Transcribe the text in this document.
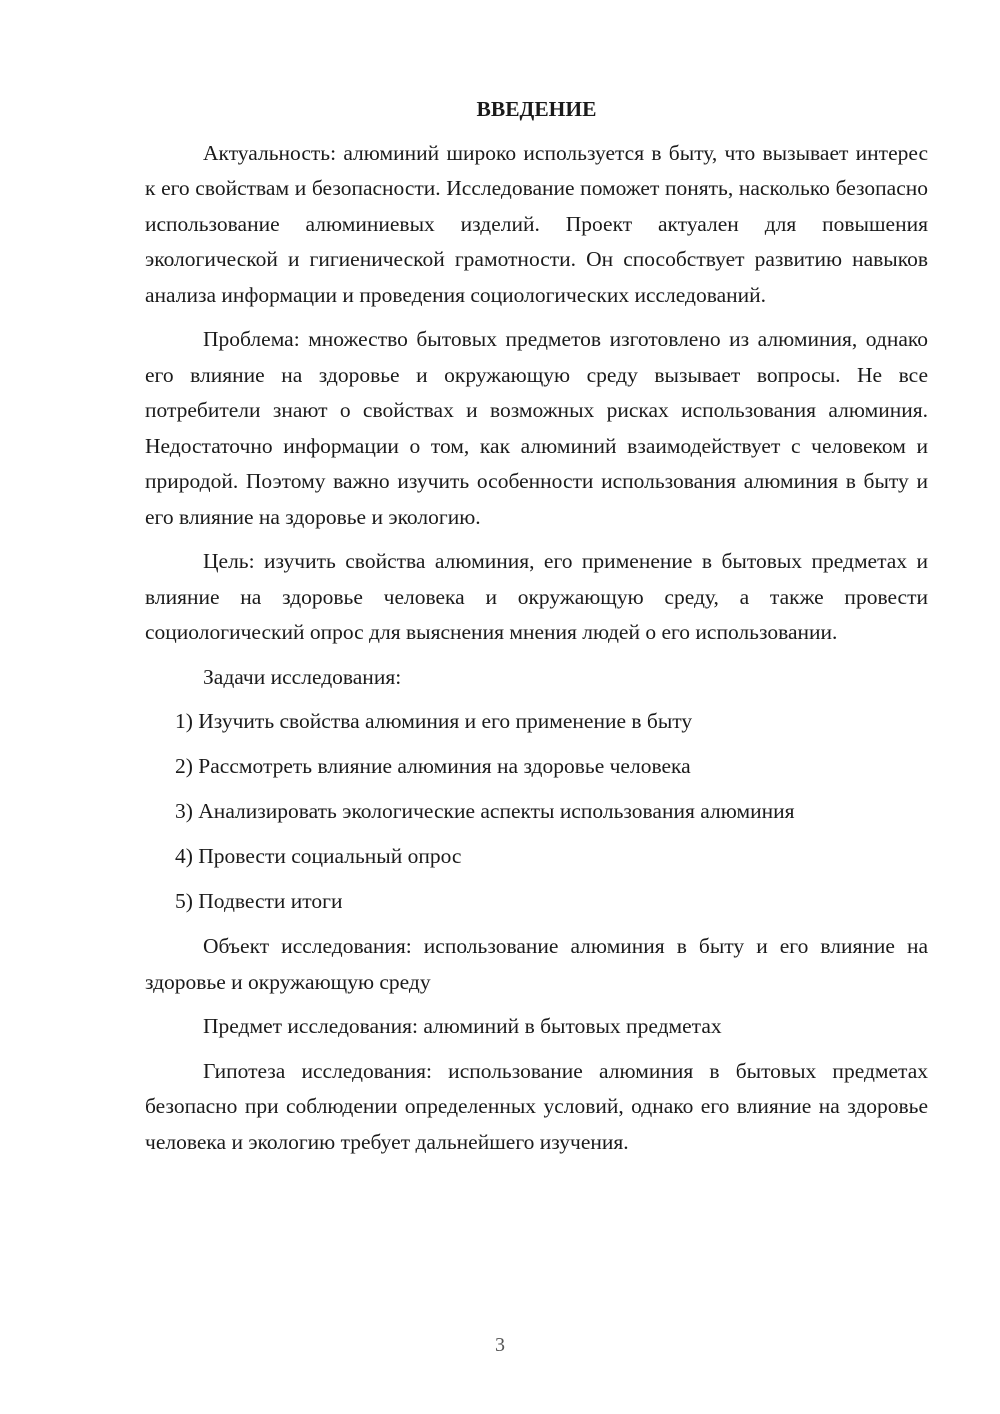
ВВЕДЕНИЕ

Актуальность: алюминий широко используется в быту, что вызывает интерес к его свойствам и безопасности. Исследование поможет понять, насколько безопасно использование алюминиевых изделий. Проект актуален для повышения экологической и гигиенической грамотности. Он способствует развитию навыков анализа информации и проведения социологических исследований.

Проблема: множество бытовых предметов изготовлено из алюминия, однако его влияние на здоровье и окружающую среду вызывает вопросы. Не все потребители знают о свойствах и возможных рисках использования алюминия. Недостаточно информации о том, как алюминий взаимодействует с человеком и природой. Поэтому важно изучить особенности использования алюминия в быту и его влияние на здоровье и экологию.

Цель: изучить свойства алюминия, его применение в бытовых предметах и влияние на здоровье человека и окружающую среду, а также провести социологический опрос для выяснения мнения людей о его использовании.

Задачи исследования:

1) Изучить свойства алюминия и его применение в быту
2) Рассмотреть влияние алюминия на здоровье человека
3) Анализировать экологические аспекты использования алюминия
4) Провести социальный опрос
5) Подвести итоги

Объект исследования: использование алюминия в быту и его влияние на здоровье и окружающую среду

Предмет исследования: алюминий в бытовых предметах

Гипотеза исследования: использование алюминия в бытовых предметах безопасно при соблюдении определенных условий, однако его влияние на здоровье человека и экологию требует дальнейшего изучения.

3
